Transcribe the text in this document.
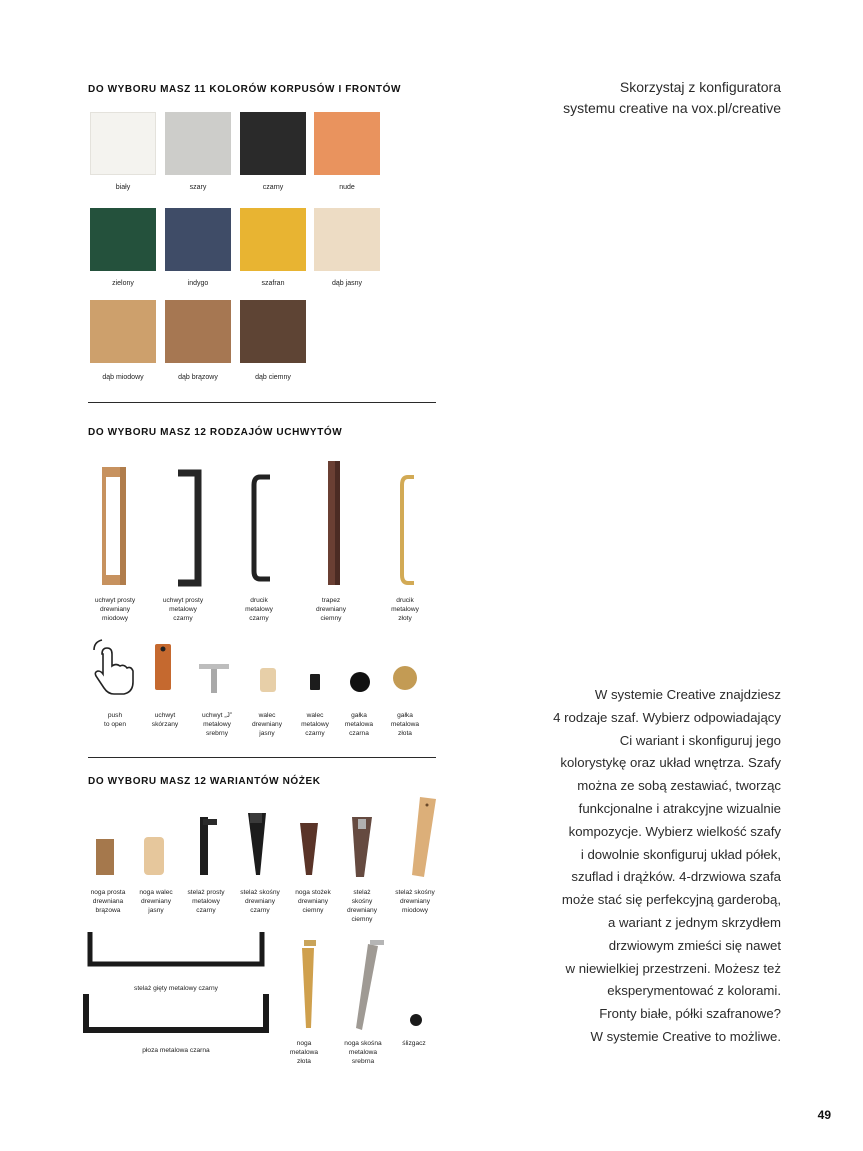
Skorzystaj z konfiguratora
systemu creative na vox.pl/creative
DO WYBORU MASZ 11 KOLORÓW KORPUSÓW I FRONTÓW
biały	szary	czarny	nude
zielony	indygo	szafran	dąb jasny
dąb miodowy	dąb brązowy	dąb ciemny
DO WYBORU MASZ 12 RODZAJÓW UCHWYTÓW
uchwyt prosty
drewniany
miodowy
uchwyt prosty
metalowy
czarny
drucik
metalowy
czarny
trapez
drewniany
ciemny
drucik
metalowy
złoty
push
to open
uchwyt
skórzany
uchwyt „J”
metalowy
srebrny
walec
drewniany
jasny
walec
metalowy
czarny
gałka
metalowa
czarna
gałka
metalowa
złota
DO WYBORU MASZ 12 WARIANTÓW NÓŻEK
noga prosta
drewniana
brązowa
noga walec
drewniany
jasny
stelaż prosty
metalowy
czarny
stelaż skośny
drewniany
czarny
noga stożek
drewniany
ciemny
stelaż
skośny
drewniany
ciemny
stelaż skośny
drewniany
miodowy
stelaż gięty metalowy czarny
płoza metalowa czarna
noga
metalowa
złota
noga skośna
metalowa
srebrna
ślizgacz
W systemie Creative znajdziesz
4 rodzaje szaf. Wybierz odpowiadający
Ci wariant i skonfiguruj jego
kolorystykę oraz układ wnętrza. Szafy
można ze sobą zestawiać, tworząc
funkcjonalne i atrakcyjne wizualnie
kompozycje. Wybierz wielkość szafy
i dowolnie skonfiguruj układ półek,
szuflad i drążków. 4-drzwiowa szafa
może stać się perfekcyjną garderobą,
a wariant z jednym skrzydłem
drzwiowym zmieści się nawet
w niewielkiej przestrzeni. Możesz też
eksperymentować z kolorami.
Fronty białe, półki szafranowe?
W systemie Creative to możliwe.
49
